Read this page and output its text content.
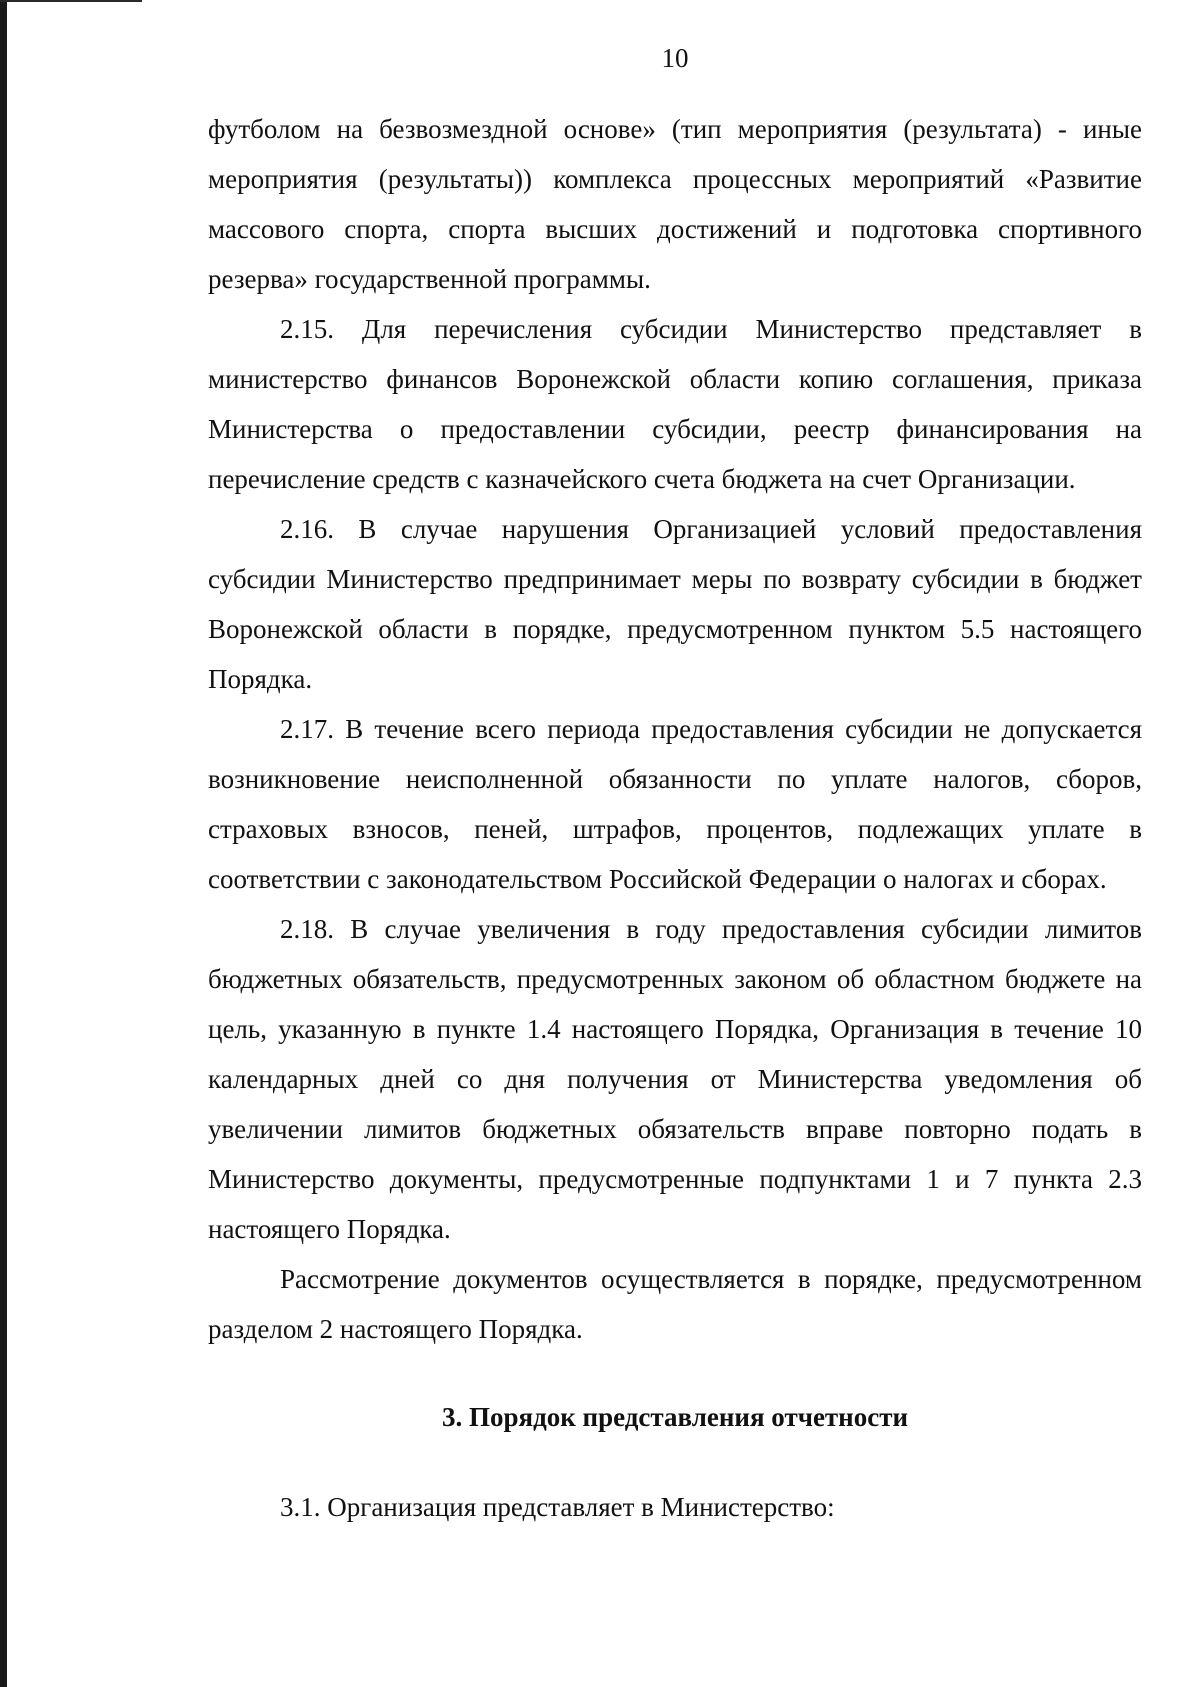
10

футболом на безвозмездной основе» (тип мероприятия (результата) - иные мероприятия (результаты)) комплекса процессных мероприятий «Развитие массового спорта, спорта высших достижений и подготовка спортивного резерва» государственной программы.

2.15. Для перечисления субсидии Министерство представляет в министерство финансов Воронежской области копию соглашения, приказа Министерства о предоставлении субсидии, реестр финансирования на перечисление средств с казначейского счета бюджета на счет Организации.

2.16. В случае нарушения Организацией условий предоставления субсидии Министерство предпринимает меры по возврату субсидии в бюджет Воронежской области в порядке, предусмотренном пунктом 5.5 настоящего Порядка.

2.17. В течение всего периода предоставления субсидии не допускается возникновение неисполненной обязанности по уплате налогов, сборов, страховых взносов, пеней, штрафов, процентов, подлежащих уплате в соответствии с законодательством Российской Федерации о налогах и сборах.

2.18. В случае увеличения в году предоставления субсидии лимитов бюджетных обязательств, предусмотренных законом об областном бюджете на цель, указанную в пункте 1.4 настоящего Порядка, Организация в течение 10 календарных дней со дня получения от Министерства уведомления об увеличении лимитов бюджетных обязательств вправе повторно подать в Министерство документы, предусмотренные подпунктами 1 и 7 пункта 2.3 настоящего Порядка.

Рассмотрение документов осуществляется в порядке, предусмотренном разделом 2 настоящего Порядка.

3. Порядок представления отчетности

3.1. Организация представляет в Министерство:
